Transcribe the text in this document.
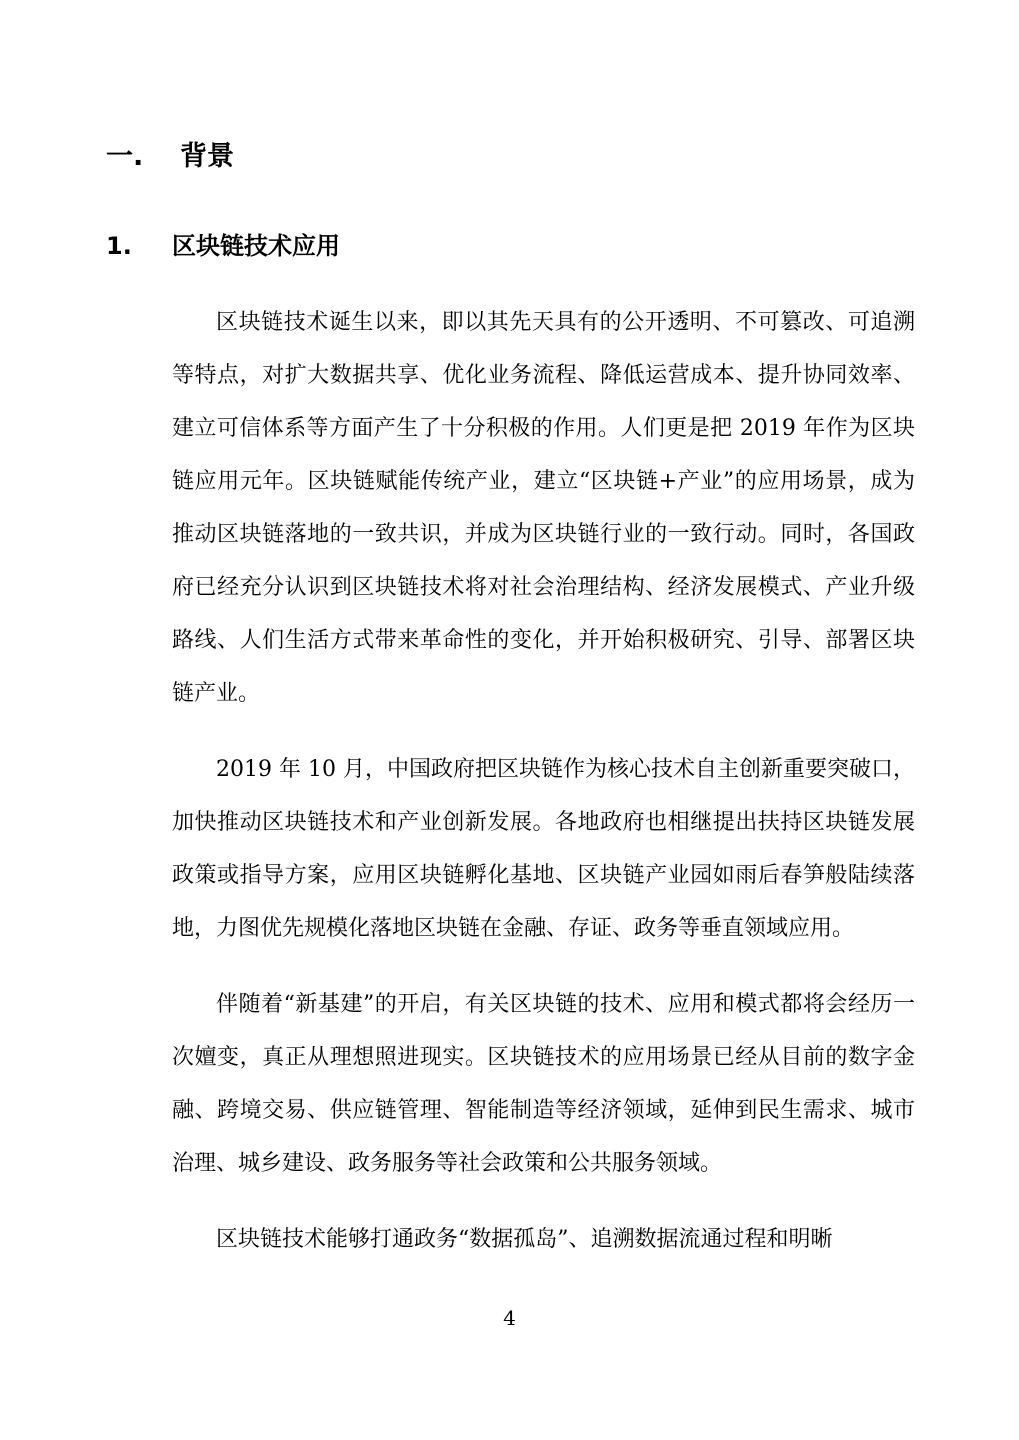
一.	背景
1.	区块链技术应用

区块链技术诞生以来，即以其先天具有的公开透明、不可篡改、可追溯等特点，对扩大数据共享、优化业务流程、降低运营成本、提升协同效率、建立可信体系等方面产生了十分积极的作用。人们更是把 2019 年作为区块链应用元年。区块链赋能传统产业，建立“区块链+产业”的应用场景，成为推动区块链落地的一致共识，并成为区块链行业的一致行动。同时，各国政府已经充分认识到区块链技术将对社会治理结构、经济发展模式、产业升级路线、人们生活方式带来革命性的变化，并开始积极研究、引导、部署区块链产业。

2019 年 10 月，中国政府把区块链作为核心技术自主创新重要突破口，加快推动区块链技术和产业创新发展。各地政府也相继提出扶持区块链发展政策或指导方案，应用区块链孵化基地、区块链产业园如雨后春笋般陆续落地，力图优先规模化落地区块链在金融、存证、政务等垂直领域应用。

伴随着“新基建”的开启，有关区块链的技术、应用和模式都将会经历一次嬗变，真正从理想照进现实。区块链技术的应用场景已经从目前的数字金融、跨境交易、供应链管理、智能制造等经济领域，延伸到民生需求、城市治理、城乡建设、政务服务等社会政策和公共服务领域。

区块链技术能够打通政务“数据孤岛”、追溯数据流通过程和明晰

4
